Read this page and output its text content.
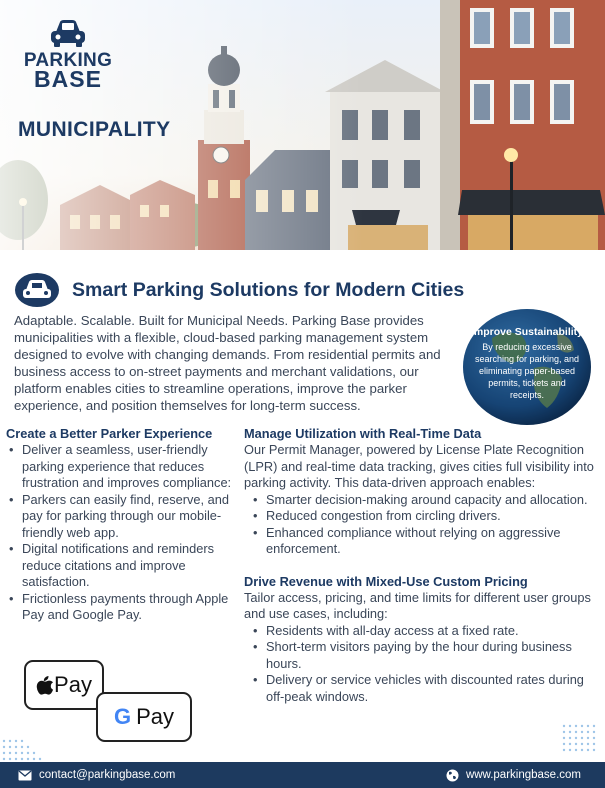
PARKING
BASE
MUNICIPALITY
Smart Parking Solutions for Modern Cities
Adaptable. Scalable. Built for Municipal Needs. Parking Base provides municipalities with a flexible, cloud-based parking management system designed to evolve with changing demands. From residential permits and business access to on-street payments and merchant validations, our platform enables cities to streamline operations, improve the parker experience, and position themselves for long-term success.
Improve Sustainability
By reducing excessive searching for parking, and eliminating paper-based permits, tickets and receipts.
Create a Better Parker Experience
• Deliver a seamless, user-friendly parking experience that reduces frustration and improves compliance:
• Parkers can easily find, reserve, and pay for parking through our mobile-friendly web app.
• Digital notifications and reminders reduce citations and improve satisfaction.
• Frictionless payments through Apple Pay and Google Pay.
Manage Utilization with Real-Time Data

Our Permit Manager, powered by License Plate Recognition (LPR) and real-time data tracking, gives cities full visibility into parking activity. This data-driven approach enables:

• Smarter decision-making around capacity and allocation.
• Reduced congestion from circling drivers.
• Enhanced compliance without relying on aggressive enforcement.
Drive Revenue with Mixed-Use Custom Pricing

Tailor access, pricing, and time limits for different user groups and use cases, including:

• Residents with all-day access at a fixed rate.
• Short-term visitors paying by the hour during business hours.
• Delivery or service vehicles with discounted rates during off-peak windows.
Pay
G Pay
contact@parkingbase.com	www.parkingbase.com
